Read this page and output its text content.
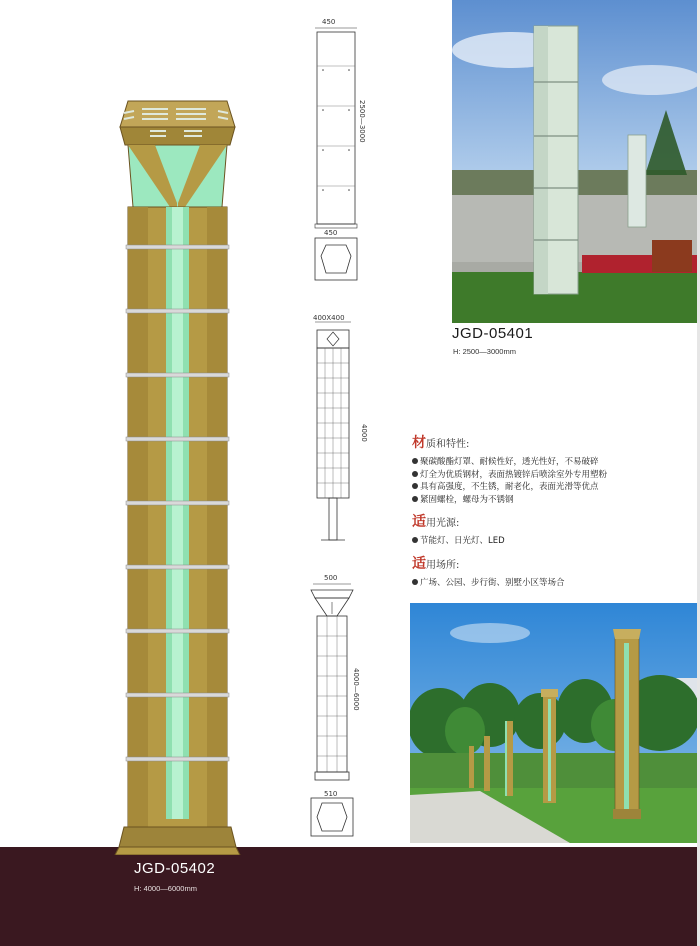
450
2500—3000
450
400X400
4000
500
4000—6000
510
JGD-05401
H: 2500—3000mm
材 质和特性:
聚碳酸酯灯罩、耐候性好，透光性好，不易破碎
灯全为优质钢材，表面热镀锌后喷涂室外专用塑粉
具有高强度，不生锈，耐老化，表面光滑等优点
紧固螺栓，螺母为不锈钢
适 用光源:
节能灯、日光灯、LED
适 用场所:
广场、公园、步行街、别墅小区等场合
JGD-05402
H: 4000—6000mm
